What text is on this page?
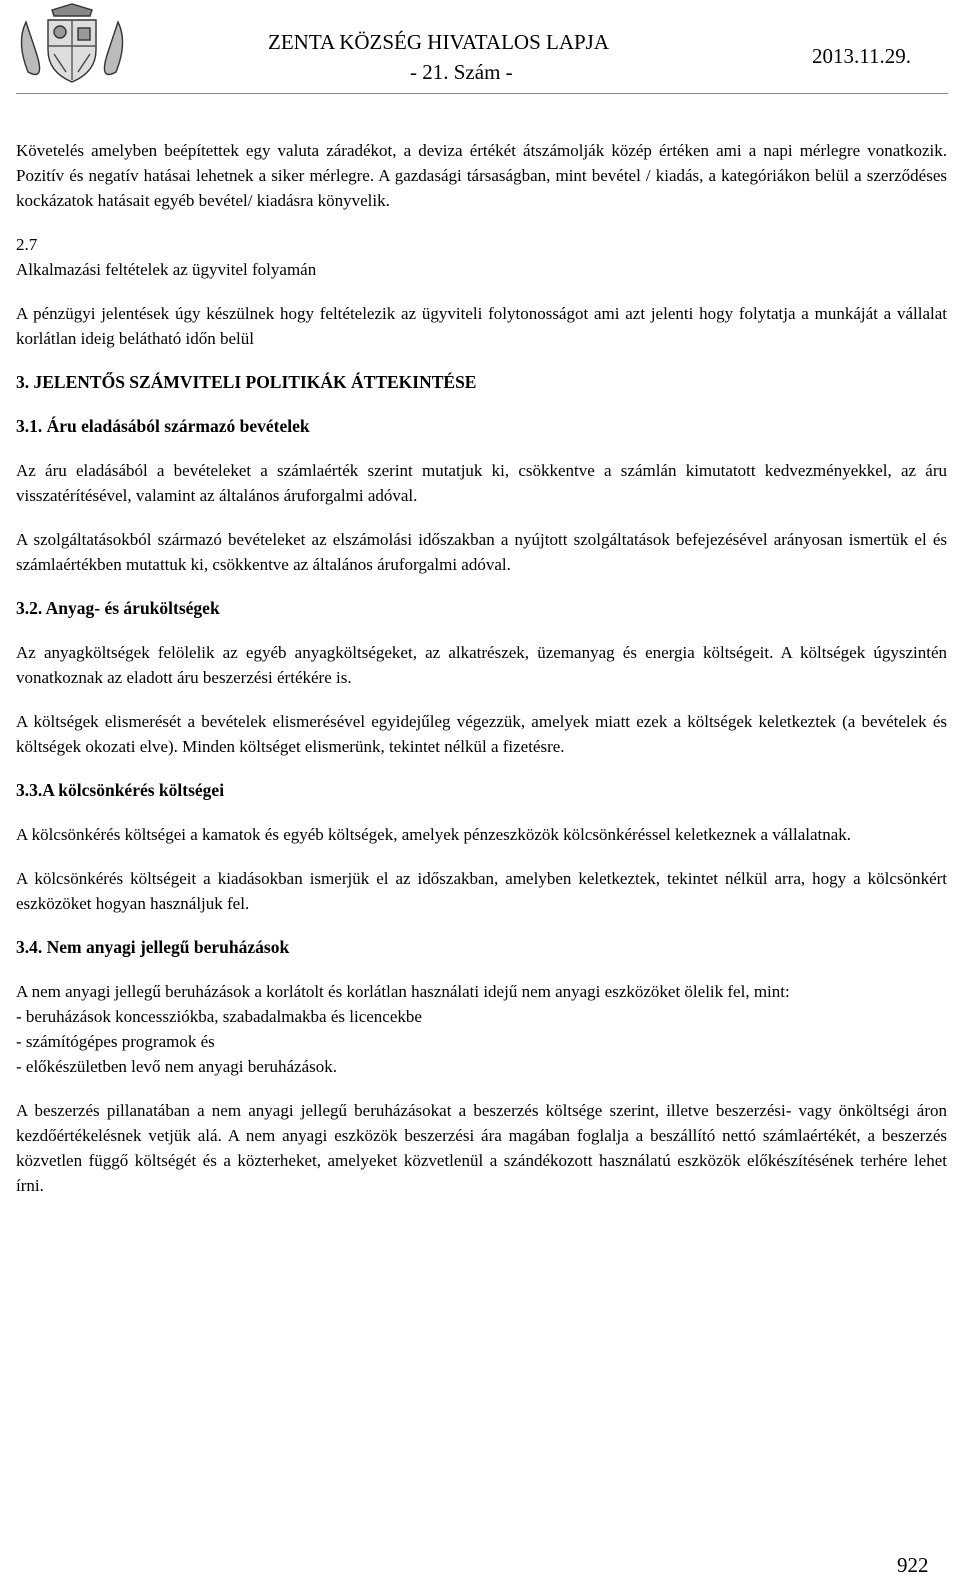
ZENTA KÖZSÉG HIVATALOS LAPJA
- 21. Szám -
2013.11.29.

Követelés amelyben beépítettek egy valuta záradékot, a deviza értékét átszámolják közép értéken ami a napi mérlegre vonatkozik. Pozitív és negatív hatásai lehetnek a siker mérlegre. A gazdasági társaságban, mint bevétel / kiadás, a kategóriákon belül a szerződéses kockázatok hatásait egyéb bevétel/ kiadásra könyvelik.

2.7

Alkalmazási feltételek az ügyvitel folyamán

A pénzügyi jelentések úgy készülnek hogy feltételezik az ügyviteli folytonosságot ami azt jelenti hogy folytatja a munkáját a vállalat korlátlan ideig belátható időn belül

3. JELENTŐS SZÁMVITELI POLITIKÁK ÁTTEKINTÉSE
3.1. Áru eladásából származó bevételek

Az áru eladásából a bevételeket a számlaérték szerint mutatjuk ki, csökkentve a számlán kimutatott kedvezményekkel, az áru visszatérítésével, valamint az általános áruforgalmi adóval.

A szolgáltatásokból származó bevételeket az elszámolási időszakban a nyújtott szolgáltatások befejezésével arányosan ismertük el és számlaértékben mutattuk ki, csökkentve az általános áruforgalmi adóval.

3.2. Anyag- és áruköltségek

Az anyagköltségek felölelik az egyéb anyagköltségeket, az alkatrészek, üzemanyag és energia költségeit. A költségek úgyszintén vonatkoznak az eladott áru beszerzési értékére is.

A költségek elismerését a bevételek elismerésével egyidejűleg végezzük, amelyek miatt ezek a költségek keletkeztek (a bevételek és költségek okozati elve). Minden költséget elismerünk, tekintet nélkül a fizetésre.

3.3.A kölcsönkérés költségei

A kölcsönkérés költségei a kamatok és egyéb költségek, amelyek pénzeszközök kölcsönkéréssel keletkeznek a vállalatnak.

A kölcsönkérés költségeit a kiadásokban ismerjük el az időszakban, amelyben keletkeztek, tekintet nélkül arra, hogy a kölcsönkért eszközöket hogyan használjuk fel.

3.4. Nem anyagi jellegű beruházások

A nem anyagi jellegű beruházások a korlátolt és korlátlan használati idejű nem anyagi eszközöket ölelik fel, mint:

- beruházások koncessziókba, szabadalmakba és licencekbe
- számítógépes programok és
- előkészületben levő nem anyagi beruházások.

A beszerzés pillanatában a nem anyagi jellegű beruházásokat a beszerzés költsége szerint, illetve beszerzési- vagy önköltségi áron kezdőértékelésnek vetjük alá. A nem anyagi eszközök beszerzési ára magában foglalja a beszállító nettó számlaértékét, a beszerzés közvetlen függő költségét és a közterheket, amelyeket közvetlenül a szándékozott használatú eszközök előkészítésének terhére lehet írni.

922
